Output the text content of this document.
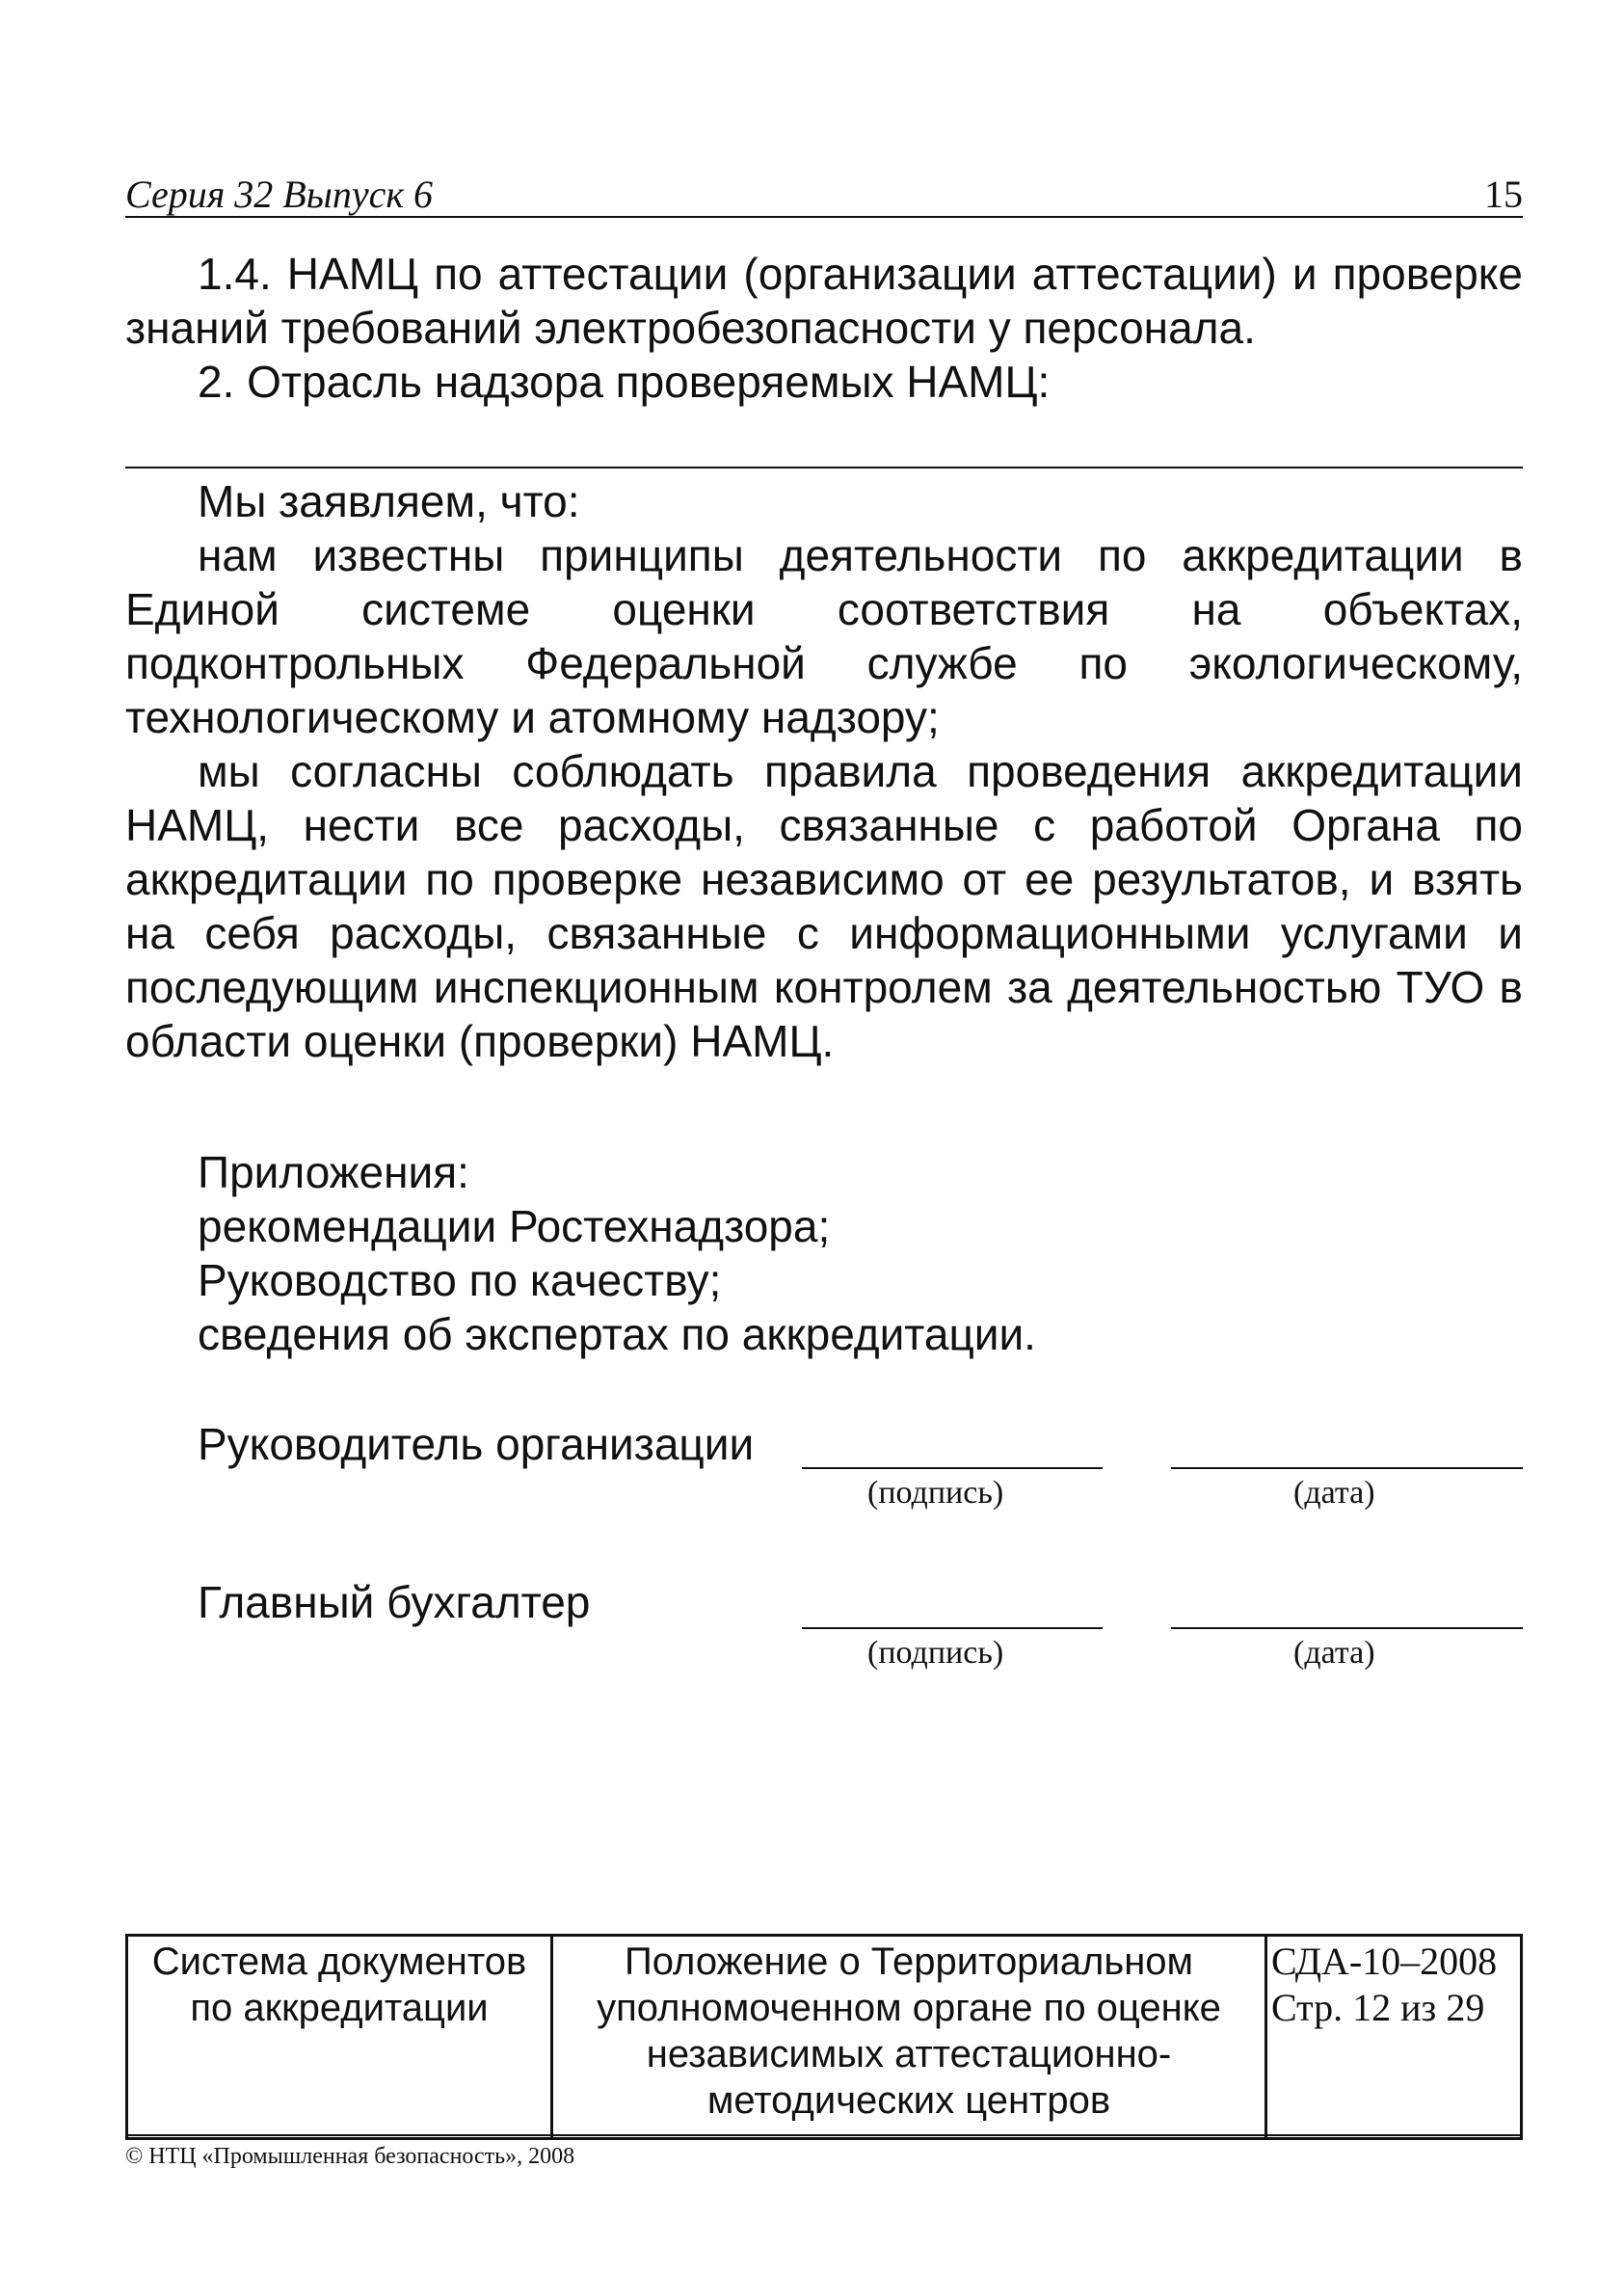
Серия 32 Выпуск 6	15

1.4. НАМЦ по аттестации (организации аттестации) и проверке знаний требований электробезопасности у персонала.

2. Отрасль надзора проверяемых НАМЦ:

Мы заявляем, что:

нам известны принципы деятельности по аккредитации в Единой системе оценки соответствия на объектах, подконтрольных Федеральной службе по экологическому, технологическому и атомному надзору;

мы согласны соблюдать правила проведения аккредитации НАМЦ, нести все расходы, связанные с работой Органа по аккредитации по проверке независимо от ее результатов, и взять на себя расходы, связанные с информационными услугами и последующим инспекционным контролем за деятельностью ТУО в области оценки (проверки) НАМЦ.

Приложения:
рекомендации Ростехнадзора;
Руководство по качеству;
сведения об экспертах по аккредитации.
Руководитель организации
(подпись)	(дата)
Главный бухгалтер
(подпись)	(дата)
Система документов
по аккредитации

Положение о Территориальном
уполномоченном органе по оценке
независимых аттестационно-
методических центров

СДА-10–2008
Стр. 12 из 29
© НТЦ «Промышленная безопасность», 2008
